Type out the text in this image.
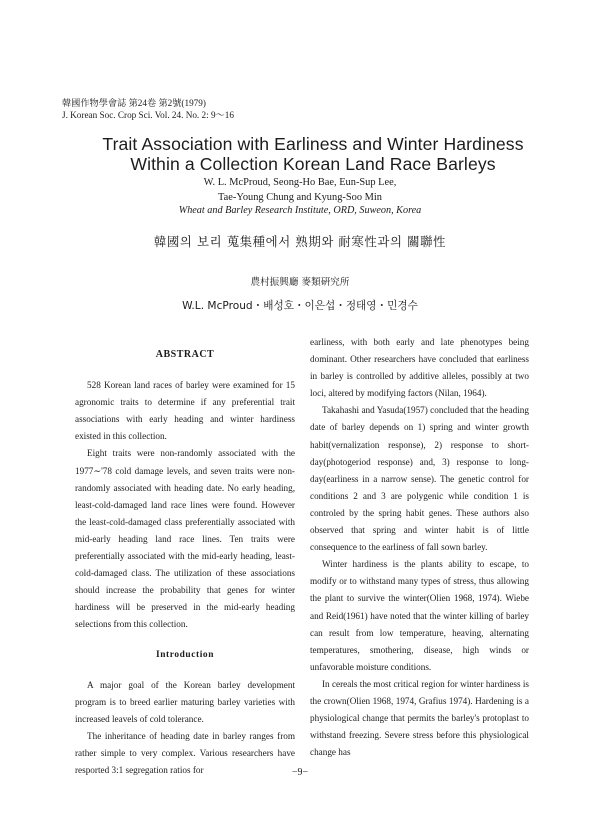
韓國作物學會誌 第24卷 第2號(1979)
J. Korean Soc. Crop Sci. Vol. 24. No. 2: 9～16
Trait Association with Earliness and Winter Hardiness
Within a Collection Korean Land Race Barleys
W. L. McProud, Seong-Ho Bae, Eun-Sup Lee,
Tae-Young Chung and Kyung-Soo Min
Wheat and Barley Research Institute, ORD, Suweon, Korea
韓國의 보리 蒐集種에서 熟期와 耐寒性과의 關聯性
農村振興廳 麥類硏究所
W.L. McProud・배성호・이은섭・정태영・민경수

ABSTRACT

528 Korean land races of barley were examined for 15 agronomic traits to determine if any preferential trait associations with early heading and winter hardiness existed in this collection.

Eight traits were non-randomly associated with the 1977∼'78 cold damage levels, and seven traits were non-randomly associated with heading date. No early heading, least-cold-damaged land race lines were found. However the least-cold-damaged class preferentially associated with mid-early heading land race lines. Ten traits were preferentially associated with the mid-early heading, least-cold-damaged class. The utilization of these associations should increase the probability that genes for winter hardiness will be preserved in the mid-early heading selections from this collection.

Introduction

A major goal of the Korean barley development program is to breed earlier maturing barley varieties with increased leavels of cold tolerance.

The inheritance of heading date in barley ranges from rather simple to very complex. Various researchers have resported 3:1 segregation ratios for

earliness, with both early and late phenotypes being dominant. Other researchers have concluded that earliness in barley is controlled by additive alleles, possibly at two loci, altered by modifying factors (Nilan, 1964).

Takahashi and Yasuda(1957) concluded that the heading date of barley depends on 1) spring and winter growth habit(vernalization response), 2) response to short-day(photogeriod response) and, 3) response to long-day(earliness in a narrow sense). The genetic control for conditions 2 and 3 are polygenic while condition 1 is controled by the spring habit genes. These authors also observed that spring and winter habit is of little consequence to the earliness of fall sown barley.

Winter hardiness is the plants ability to escape, to modify or to withstand many types of stress, thus allowing the plant to survive the winter(Olien 1968, 1974). Wiebe and Reid(1961) have noted that the winter killing of barley can result from low temperature, heaving, alternating temperatures, smothering, disease, high winds or unfavorable moisture conditions.

In cereals the most critical region for winter hardiness is the crown(Olien 1968, 1974, Grafius 1974). Hardening is a physiological change that permits the barley's protoplast to withstand freezing. Severe stress before this physiological change has

−9−
